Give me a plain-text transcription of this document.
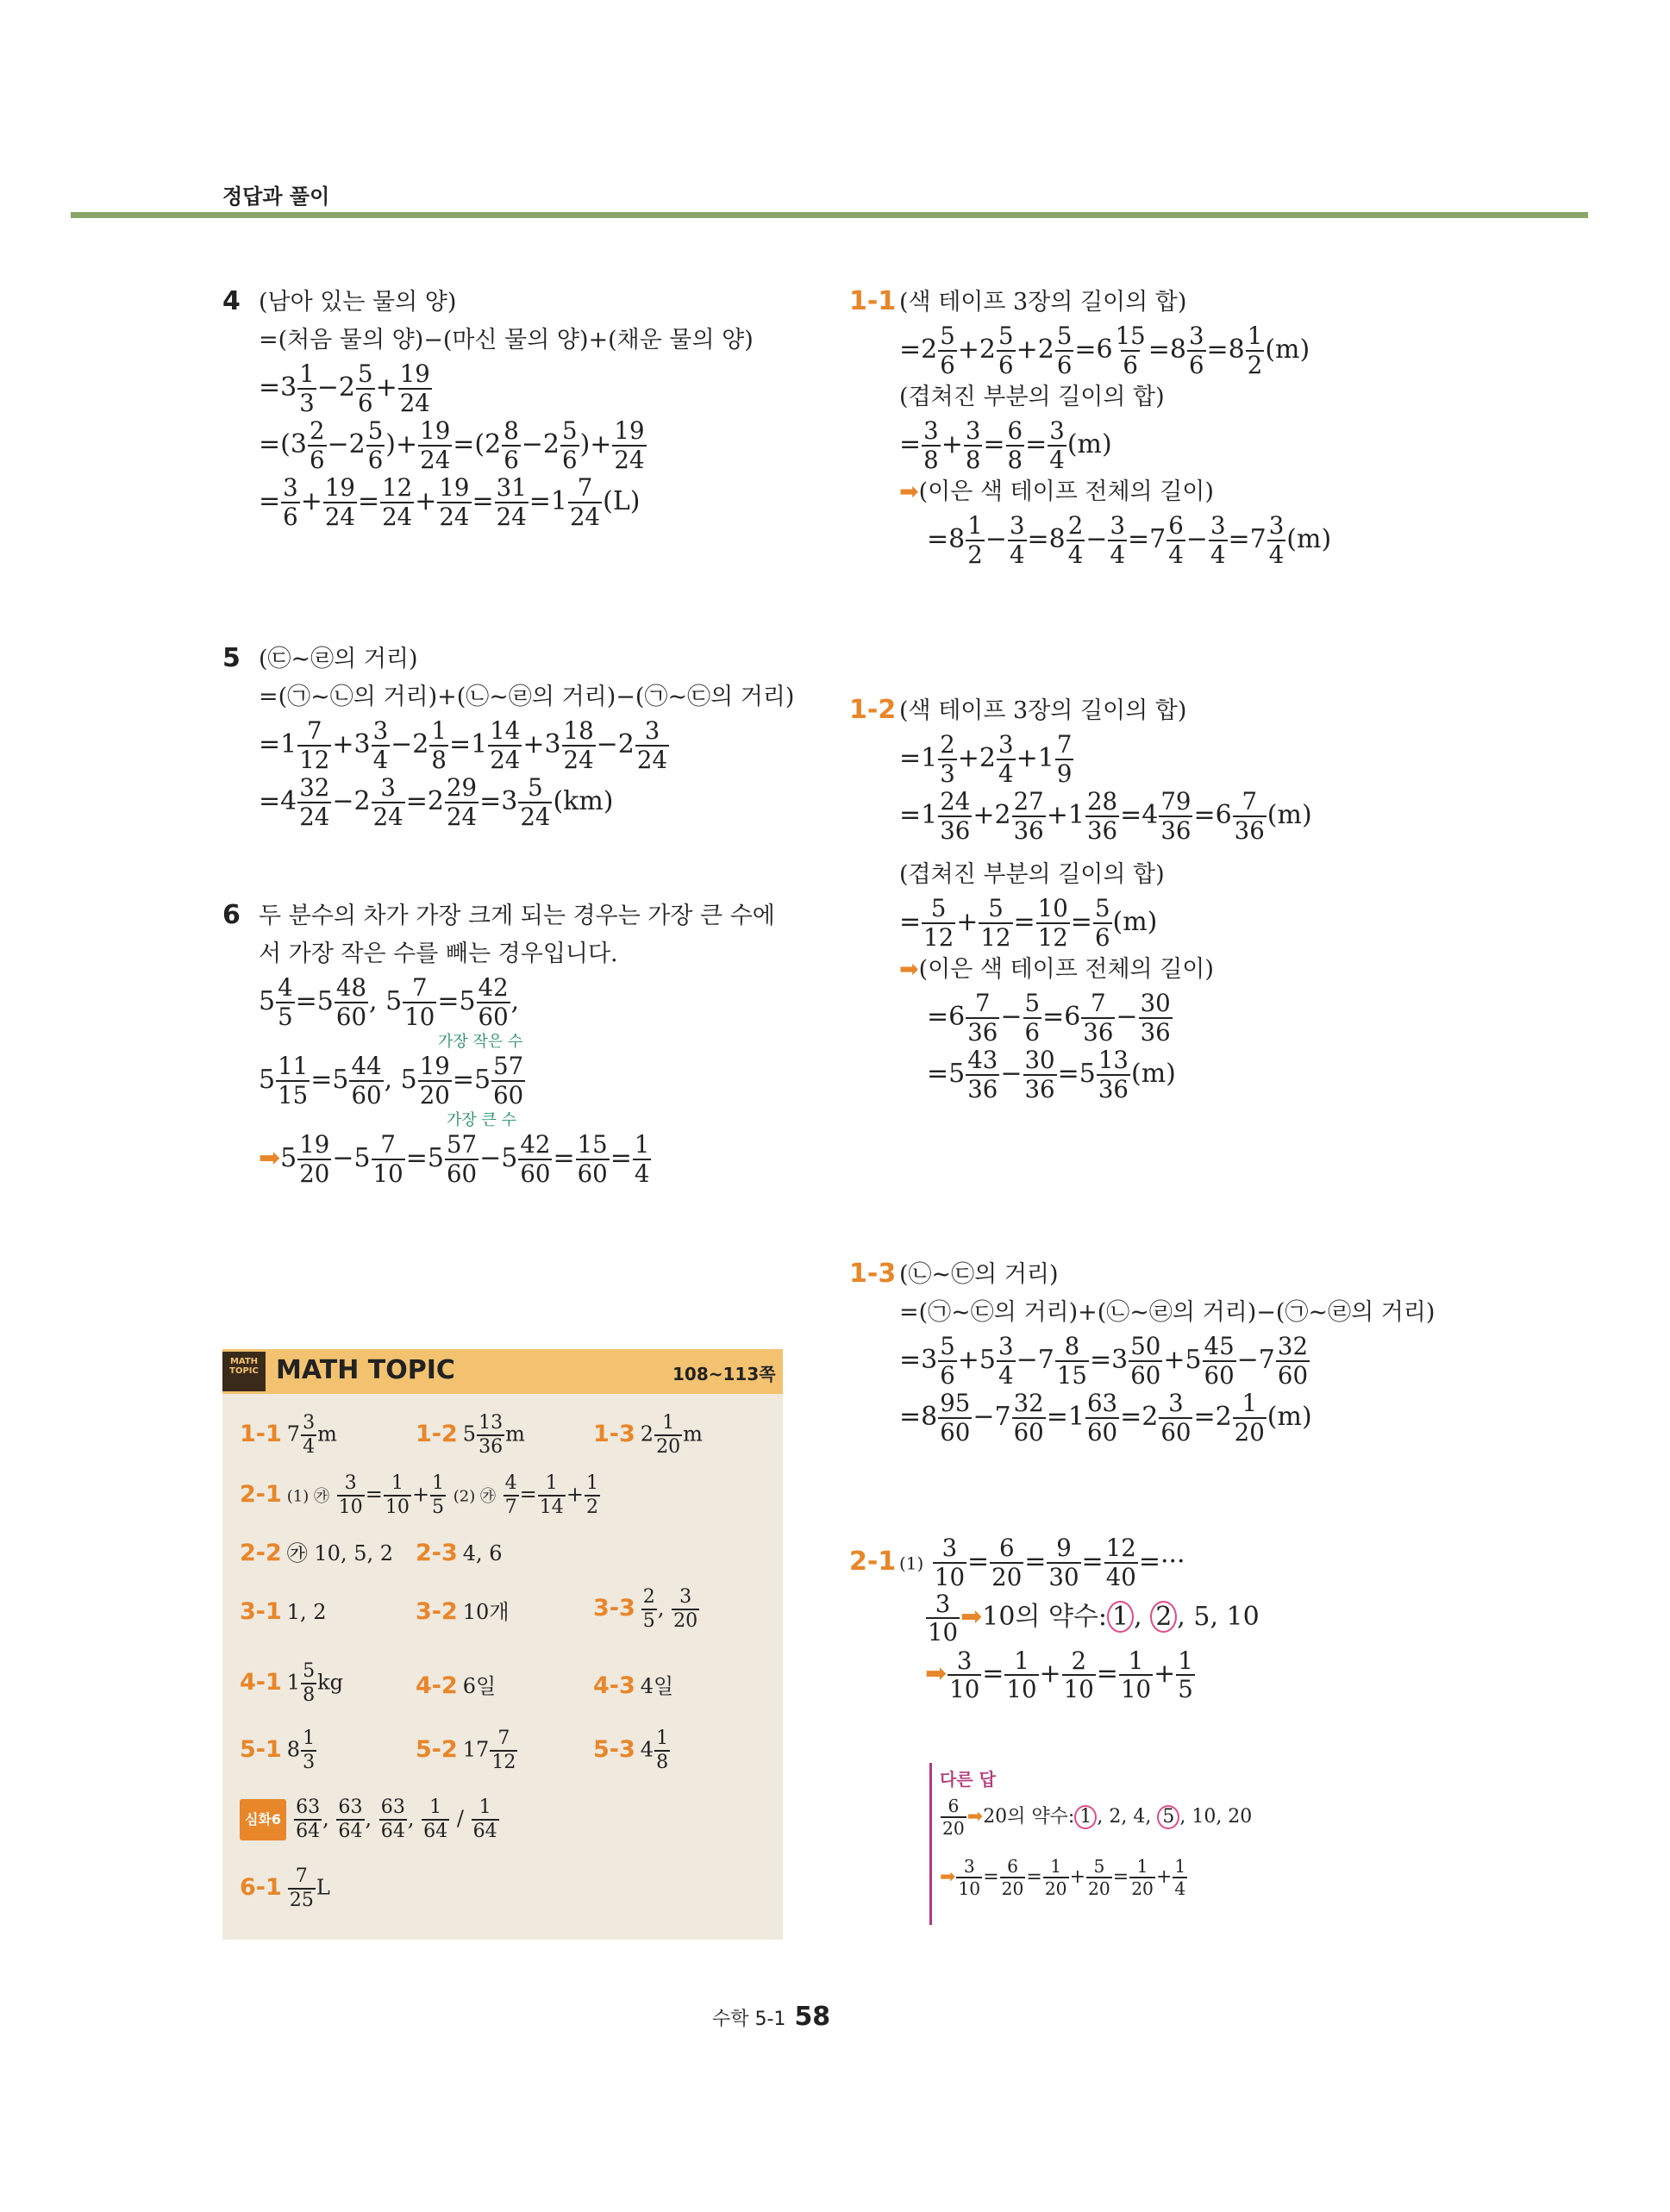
정답과 풀이
4 (남아 있는 물의 양)
=(처음 물의 양)−(마신 물의 양)+(채운 물의 양)
$=3 \frac{1}{3} -2 \frac{5}{6} + \frac{19}{24}$
$=(3 \frac{2}{6} -2 \frac{5}{6}$ )+ $\frac{19}{24} =(2 \frac{8}{6} -2 \frac{5}{6}$ )+ $\frac{19}{24}$
= $\frac{3}{6} + \frac{19}{24} = \frac{12}{24} + \frac{19}{24} = \frac{31}{24} =1 \frac{7}{24} (L)$
5 (㉢~㉣의 거리)
=(㉠~㉡의 거리)+(㉡~㉣의 거리)−(㉠~㉢의 거리)
$=1 \frac{7}{12} +3 \frac{3}{4} -2 \frac{1}{8} =1 \frac{14}{24} +3 \frac{18}{24} -2 \frac{3}{24}$
$=4 \frac{32}{24} -2 \frac{3}{24} =2 \frac{29}{24} =3 \frac{5}{24} (km)$
6 두 분수의 차가 가장 크게 되는 경우는 가장 큰 수에
서 가장 작은 수를 빼는 경우입니다.
$5 \frac{4}{5} =5 \frac{48}{60}$ , $5 \frac{7}{10} =5 \frac{42}{60}$ ,
가장 작은 수
$5 \frac{11}{15} =5 \frac{44}{60}$ , $5 \frac{19}{20} =5 \frac{57}{60}$
가장 큰 수
➡5 $\frac{19}{20} -5 \frac{7}{10} =5 \frac{57}{60} -5 \frac{42}{60} = \frac{15}{60} = \frac{1}{4}$
1-1 (색 테이프 3장의 길이의 합)
$=2 \frac{5}{6} +2 \frac{5}{6} +2 \frac{5}{6} =6 \frac{15}{6} =8 \frac{3}{6} =8 \frac{1}{2} (m)$
(겹쳐진 부분의 길이의 합)
= $\frac{3}{8} + \frac{3}{8} = \frac{6}{8} = \frac{3}{4} (m)$
➡(이은 색 테이프 전체의 길이)
$=8 \frac{1}{2} - \frac{3}{4} =8 \frac{2}{4} - \frac{3}{4} =7 \frac{6}{4} - \frac{3}{4} =7 \frac{3}{4} (m)$
1-2 (색 테이프 3장의 길이의 합)
$=1 \frac{2}{3} +2 \frac{3}{4} +1 \frac{7}{9}$
$=1 \frac{24}{36} +2 \frac{27}{36} +1 \frac{28}{36} =4 \frac{79}{36} =6 \frac{7}{36} (m)$
(겹쳐진 부분의 길이의 합)
= $\frac{5}{12} + \frac{5}{12} = \frac{10}{12} = \frac{5}{6} (m)$
➡(이은 색 테이프 전체의 길이)
$=6 \frac{7}{36} - \frac{5}{6} =6 \frac{7}{36} - \frac{30}{36}$
$=5 \frac{43}{36} - \frac{30}{36} =5 \frac{13}{36} (m)$
1-3 (㉡~㉢의 거리)
=(㉠~㉢의 거리)+(㉡~㉣의 거리)−(㉠~㉣의 거리)
$=3 \frac{5}{6} +5 \frac{3}{4} -7 \frac{8}{15} =3 \frac{50}{60} +5 \frac{45}{60} -7 \frac{32}{60}$
$=8 \frac{95}{60} -7 \frac{32}{60} =1 \frac{63}{60} =2 \frac{3}{60} =2 \frac{1}{20} (m)$
2-1 $(1) \frac{3}{10} = \frac{6}{20} = \frac{9}{30} = \frac{12}{40}$ =···
$\frac{3}{10}$ ➡10의 약수: 1 , 2 , 5, 10
➡ $\frac{3}{10} = \frac{1}{10} + \frac{2}{10} = \frac{1}{10} + \frac{1}{5}$
다른 답
$\frac{6}{20}$ ➡20의 약수: 1 , 2, 4, 5 , 10, 20
➡ $\frac{3}{10} = \frac{6}{20} = \frac{1}{20} + \frac{5}{20} = \frac{1}{20} + \frac{1}{4}$
MATH TOPIC MATH TOPIC	108~113쪽
1-1 $7 \frac{3}{4}$ m	1-2 $5 \frac{13}{36}$ m	1-3 $2 \frac{1}{20}$ m
2-1 (1) ㉮ $\frac{3}{10} = \frac{1}{10} + \frac{1}{5} (2)$ ㉮ $\frac{4}{7} = \frac{1}{14} + \frac{1}{2}$
2-2 ㉮ 10, 5, 2 2-3 4, 6
3-1 1, 2	3-2 10개	$3-3 \frac{2}{5}$ , $\frac{3}{20}$
4-1 $1 \frac{5}{8}$ kg	4-2 6일	4-3 4일
5-1 $8 \frac{1}{3}$	5-2 $17 \frac{7}{12}$	5-3 $4 \frac{1}{8}$
심화$6 \frac{63}{64}$ , $\frac{63}{64}$ , $\frac{63}{64}$ , $\frac{1}{64} / \frac{1}{64}$
$6-1 \frac{7}{25}$ L
수학 5-1 58
